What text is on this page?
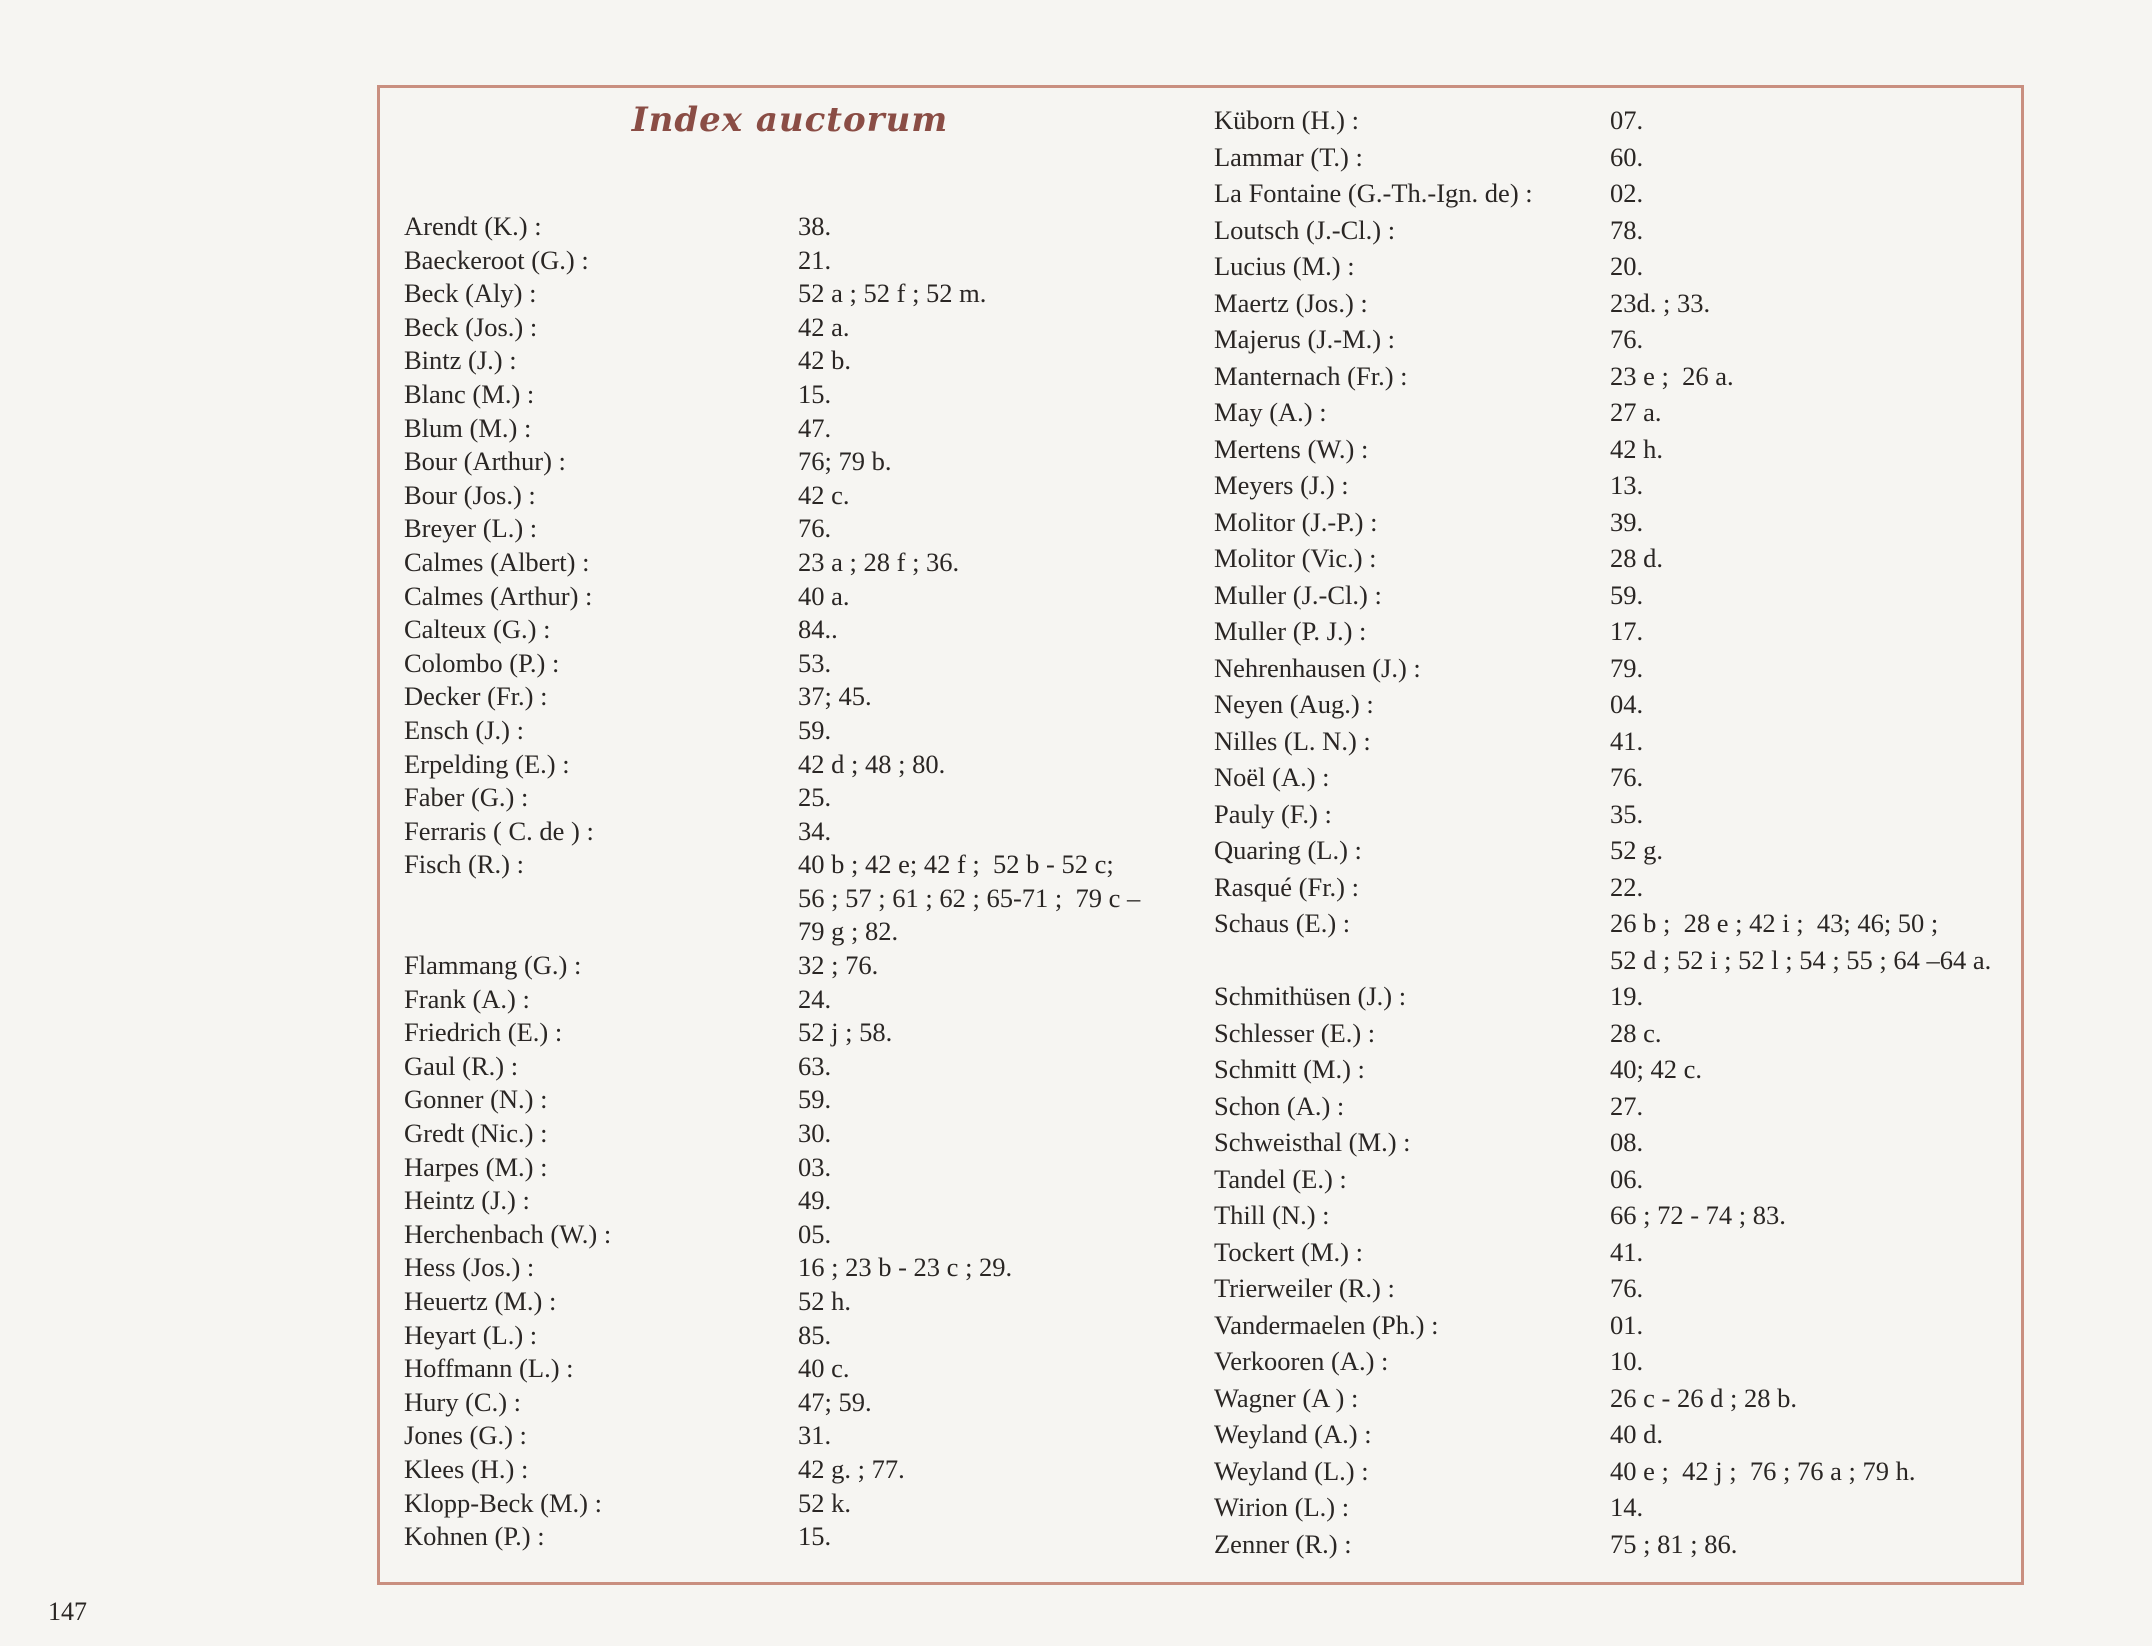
Index auctorum
Arendt (K.) :	38.
Baeckeroot (G.) :	21.
Beck (Aly) :	52 a ; 52 f ; 52 m.
Beck (Jos.) :	42 a.
Bintz (J.) :	42 b.
Blanc (M.) :	15.
Blum (M.) :	47.
Bour (Arthur) :	76; 79 b.
Bour (Jos.) :	42 c.
Breyer (L.) :	76.
Calmes (Albert) :	23 a ; 28 f ; 36.
Calmes (Arthur) :	40 a.
Calteux (G.) :	84..
Colombo (P.) :	53.
Decker (Fr.) :	37; 45.
Ensch (J.) :	59.
Erpelding (E.) :	42 d ; 48 ; 80.
Faber (G.) :	25.
Ferraris ( C. de ) :	34.
Fisch (R.) :	40 b ; 42 e; 42 f ;  52 b - 52 c;
56 ; 57 ; 61 ; 62 ; 65-71 ;  79 c –
79 g ; 82.
Flammang (G.) :	32 ; 76.
Frank (A.) :	24.
Friedrich (E.) :	52 j ; 58.
Gaul (R.) :	63.
Gonner (N.) :	59.
Gredt (Nic.) :	30.
Harpes (M.) :	03.
Heintz (J.) :	49.
Herchenbach (W.) :	05.
Hess (Jos.) :	16 ; 23 b - 23 c ; 29.
Heuertz (M.) :	52 h.
Heyart (L.) :	85.
Hoffmann (L.) :	40 c.
Hury (C.) :	47; 59.
Jones (G.) :	31.
Klees (H.) :	42 g. ; 77.
Klopp-Beck (M.) :	52 k.
Kohnen (P.) :	15.
Küborn (H.) :	07.
Lammar (T.) :	60.
La Fontaine (G.-Th.-Ign. de) :	02.
Loutsch (J.-Cl.) :	78.
Lucius (M.) :	20.
Maertz (Jos.) :	23d. ; 33.
Majerus (J.-M.) :	76.
Manternach (Fr.) :	23 e ;  26 a.
May (A.) :	27 a.
Mertens (W.) :	42 h.
Meyers (J.) :	13.
Molitor (J.-P.) :	39.
Molitor (Vic.) :	28 d.
Muller (J.-Cl.) :	59.
Muller (P. J.) :	17.
Nehrenhausen (J.) :	79.
Neyen (Aug.) :	04.
Nilles (L. N.) :	41.
Noël (A.) :	76.
Pauly (F.) :	35.
Quaring (L.) :	52 g.
Rasqué (Fr.) :	22.
Schaus (E.) :	26 b ;  28 e ; 42 i ;  43; 46; 50 ;
52 d ; 52 i ; 52 l ; 54 ; 55 ; 64 –64 a.
Schmithüsen (J.) :	19.
Schlesser (E.) :	28 c.
Schmitt (M.) :	40; 42 c.
Schon (A.) :	27.
Schweisthal (M.) :	08.
Tandel (E.) :	06.
Thill (N.) :	66 ; 72 - 74 ; 83.
Tockert (M.) :	41.
Trierweiler (R.) :	76.
Vandermaelen (Ph.) :	01.
Verkooren (A.) :	10.
Wagner (A ) :	26 c - 26 d ; 28 b.
Weyland (A.) :	40 d.
Weyland (L.) :	40 e ;  42 j ;  76 ; 76 a ; 79 h.
Wirion (L.) :	14.
Zenner (R.) :	75 ; 81 ; 86.

147
